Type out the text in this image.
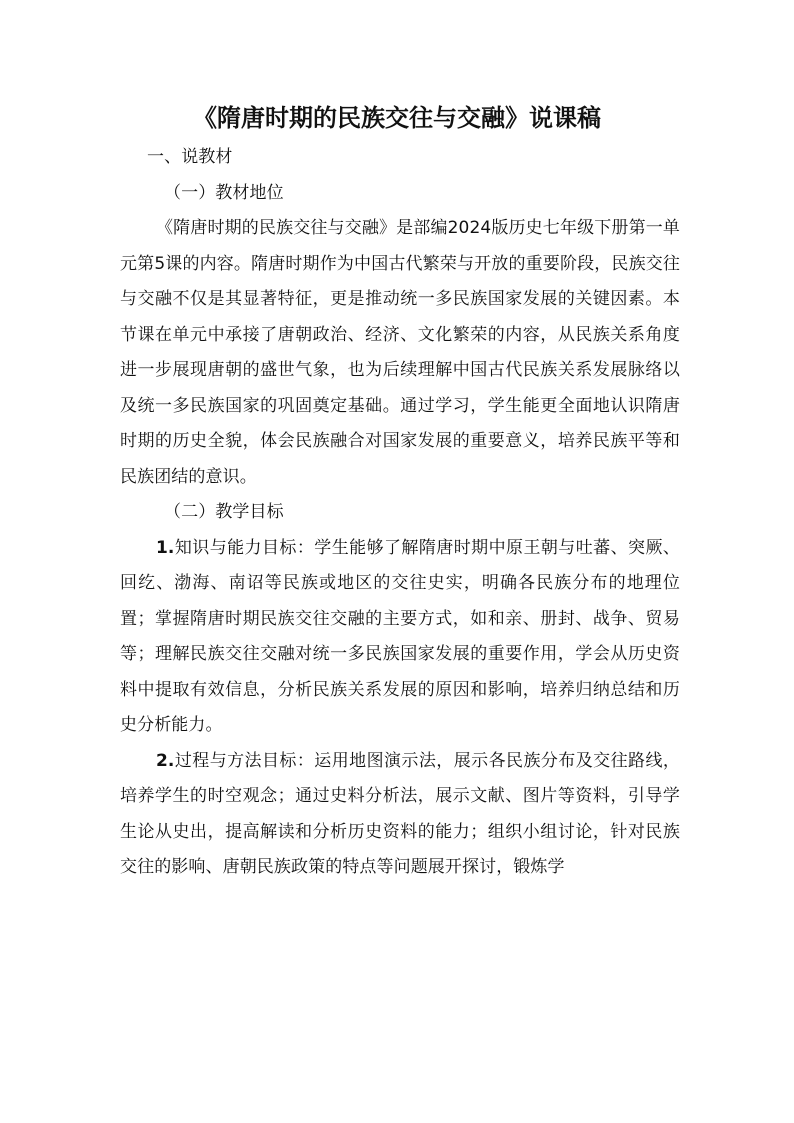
《隋唐时期的民族交往与交融》说课稿

一、说教材

（一）教材地位

《隋唐时期的民族交往与交融》是部编2024版历史七年级下册第一单元第5课的内容。隋唐时期作为中国古代繁荣与开放的重要阶段，民族交往与交融不仅是其显著特征，更是推动统一多民族国家发展的关键因素。本节课在单元中承接了唐朝政治、经济、文化繁荣的内容，从民族关系角度进一步展现唐朝的盛世气象，也为后续理解中国古代民族关系发展脉络以及统一多民族国家的巩固奠定基础。通过学习，学生能更全面地认识隋唐时期的历史全貌，体会民族融合对国家发展的重要意义，培养民族平等和民族团结的意识。

（二）教学目标

1.知识与能力目标：学生能够了解隋唐时期中原王朝与吐蕃、突厥、回纥、渤海、南诏等民族或地区的交往史实，明确各民族分布的地理位置；掌握隋唐时期民族交往交融的主要方式，如和亲、册封、战争、贸易等；理解民族交往交融对统一多民族国家发展的重要作用，学会从历史资料中提取有效信息，分析民族关系发展的原因和影响，培养归纳总结和历史分析能力。

2.过程与方法目标：运用地图演示法，展示各民族分布及交往路线，培养学生的时空观念；通过史料分析法，展示文献、图片等资料，引导学生论从史出，提高解读和分析历史资料的能力；组织小组讨论，针对民族交往的影响、唐朝民族政策的特点等问题展开探讨，锻炼学
